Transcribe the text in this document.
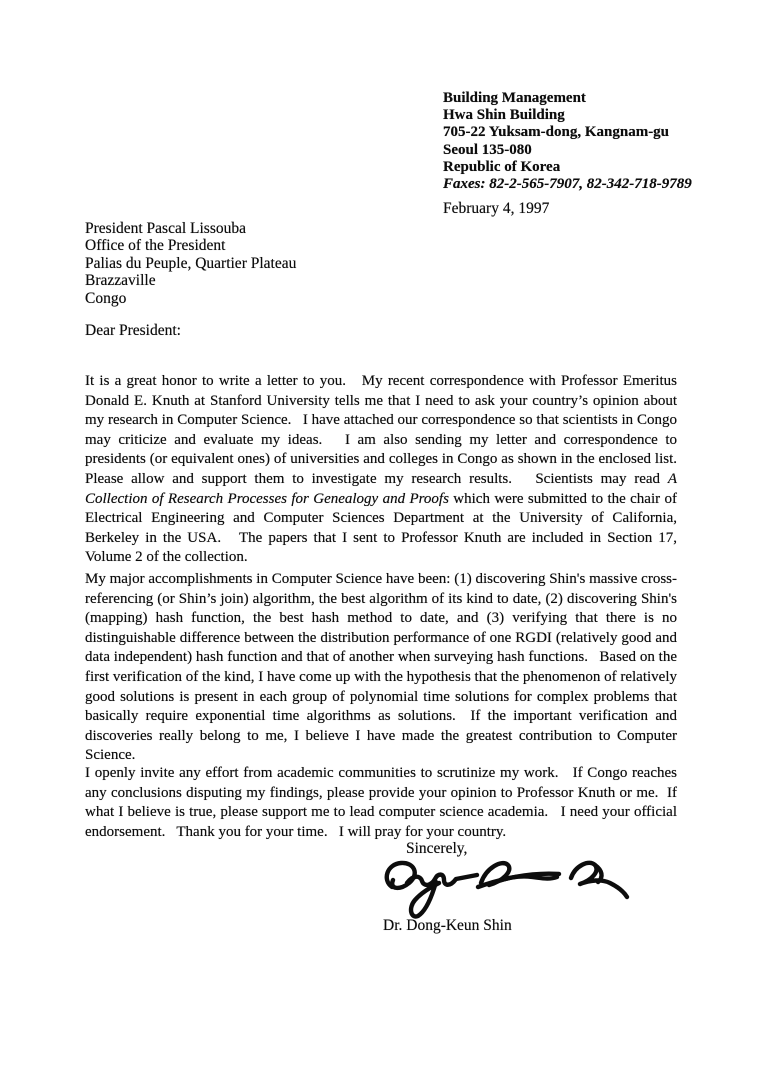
Building Management
Hwa Shin Building
705-22 Yuksam-dong, Kangnam-gu
Seoul 135-080
Republic of Korea
Faxes: 82-2-565-7907, 82-342-718-9789
February 4, 1997
President Pascal Lissouba
Office of the President
Palias du Peuple, Quartier Plateau
Brazzaville
Congo
Dear President:

It is a great honor to write a letter to you.   My recent correspondence with Professor Emeritus Donald E. Knuth at Stanford University tells me that I need to ask your country’s opinion about my research in Computer Science.   I have attached our correspondence so that scientists in Congo may criticize and evaluate my ideas.   I am also sending my letter and correspondence to presidents (or equivalent ones) of universities and colleges in Congo as shown in the enclosed list.  Please allow and support them to investigate my research results.   Scientists may read A Collection of Research Processes for Genealogy and Proofs which were submitted to the chair of Electrical Engineering and Computer Sciences Department at the University of California, Berkeley in the USA.   The papers that I sent to Professor Knuth are included in Section 17, Volume 2 of the collection.

My major accomplishments in Computer Science have been: (1) discovering Shin's massive cross-referencing (or Shin’s join) algorithm, the best algorithm of its kind to date, (2) discovering Shin's (mapping) hash function, the best hash method to date, and (3) verifying that there is no distinguishable difference between the distribution performance of one RGDI (relatively good and data independent) hash function and that of another when surveying hash functions.   Based on the first verification of the kind, I have come up with the hypothesis that the phenomenon of relatively good solutions is present in each group of polynomial time solutions for complex problems that basically require exponential time algorithms as solutions.  If the important verification and discoveries really belong to me, I believe I have made the greatest contribution to Computer Science.

I openly invite any effort from academic communities to scrutinize my work.   If Congo reaches any conclusions disputing my findings, please provide your opinion to Professor Knuth or me.  If what I believe is true, please support me to lead computer science academia.   I need your official endorsement.   Thank you for your time.   I will pray for your country.

Sincerely,
Dr. Dong-Keun Shin
